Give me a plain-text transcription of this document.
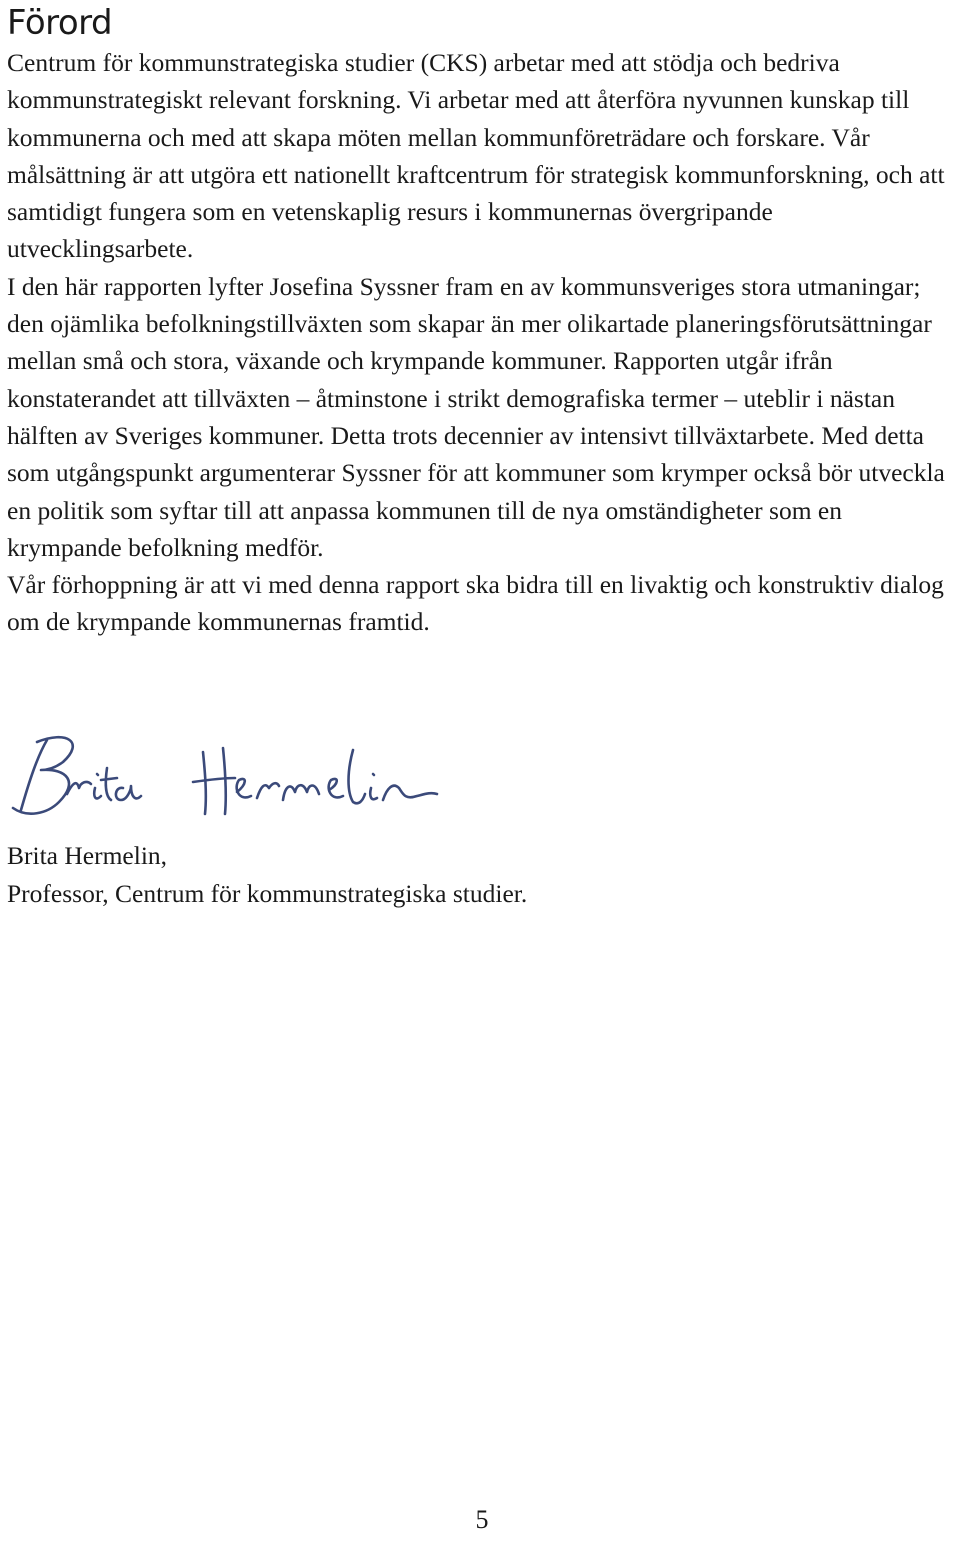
Förord

Centrum för kommunstrategiska studier (CKS) arbetar med att stödja och bedriva kommunstrategiskt relevant forskning. Vi arbetar med att återföra nyvunnen kunskap till kommunerna och med att skapa möten mellan kommunföreträdare och forskare. Vår målsättning är att utgöra ett nationellt kraftcentrum för strategisk kommunforskning, och att samtidigt fungera som en vetenskaplig resurs i kommunernas övergripande utvecklingsarbete.

I den här rapporten lyfter Josefina Syssner fram en av kommunsveriges stora utmaningar; den ojämlika befolkningstillväxten som skapar än mer olikartade planeringsförutsättningar mellan små och stora, växande och krympande kommuner. Rapporten utgår ifrån konstaterandet att tillväxten – åtminstone i strikt demografiska termer – uteblir i nästan hälften av Sveriges kommuner. Detta trots decennier av intensivt tillväxtarbete. Med detta som utgångspunkt argumenterar Syssner för att kommuner som krymper också bör utveckla en politik som syftar till att anpassa kommunen till de nya omständigheter som en krympande befolkning medför.

Vår förhoppning är att vi med denna rapport ska bidra till en livaktig och konstruktiv dialog om de krympande kommunernas framtid.

Brita Hermelin,
Professor, Centrum för kommunstrategiska studier.
5
